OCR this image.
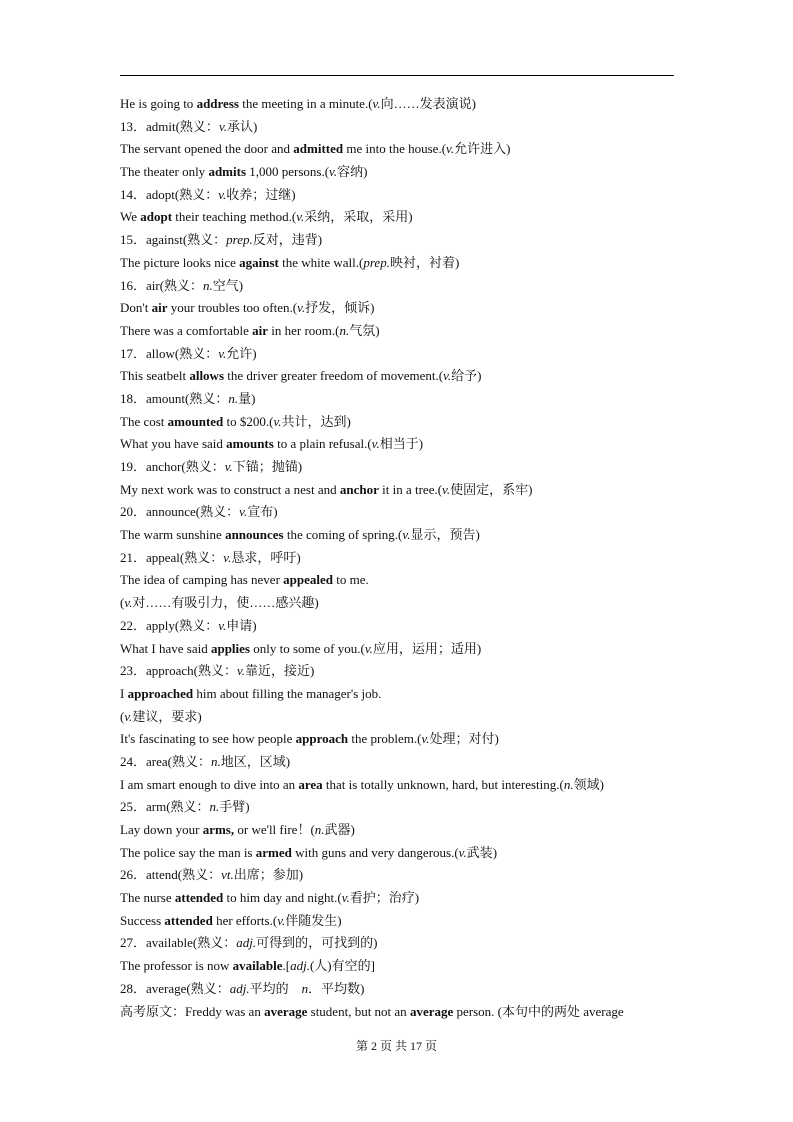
He is going to address the meeting in a minute.(v.向……发表演说)
13．admit(熟义：v.承认)
The servant opened the door and admitted me into the house.(v.允许进入)
The theater only admits 1,000 persons.(v.容纳)
14．adopt(熟义：v.收养；过继)
We adopt their teaching method.(v.采纳，采取，采用)
15．against(熟义：prep.反对，违背)
The picture looks nice against the white wall.(prep.映衬，衬着)
16．air(熟义：n.空气)
Don't air your troubles too often.(v.抒发，倾诉)
There was a comfortable air in her room.(n.气氛)
17．allow(熟义：v.允许)
This seatbelt allows the driver greater freedom of movement.(v.给予)
18．amount(熟义：n.量)
The cost amounted to $200.(v.共计，达到)
What you have said amounts to a plain refusal.(v.相当于)
19．anchor(熟义：v.下锚；抛锚)
My next work was to construct a nest and anchor it in a tree.(v.使固定，系牢)
20．announce(熟义：v.宣布)
The warm sunshine announces the coming of spring.(v.显示，预告)
21．appeal(熟义：v.恳求，呼吁)
The idea of camping has never appealed to me.
(v.对……有吸引力，使……感兴趣)
22．apply(熟义：v.申请)
What I have said applies only to some of you.(v.应用，运用；适用)
23．approach(熟义：v.靠近，接近)
I approached him about filling the manager's job.
(v.建议，要求)
It's fascinating to see how people approach the problem.(v.处理；对付)
24．area(熟义：n.地区，区域)
I am smart enough to dive into an area that is totally unknown, hard, but interesting.(n.领域)
25．arm(熟义：n.手臂)
Lay down your arms, or we'll fire！(n.武器)
The police say the man is armed with guns and very dangerous.(v.武装)
26．attend(熟义：vt.出席；参加)
The nurse attended to him day and night.(v.看护；治疗)
Success attended her efforts.(v.伴随发生)
27．available(熟义：adj.可得到的，可找到的)
The professor is now available.[adj.(人)有空的]
28．average(熟义：adj.平均的　n．平均数)
高考原文：Freddy was an average student, but not an average person. (本句中的两处 average
第 2 页 共 17 页
